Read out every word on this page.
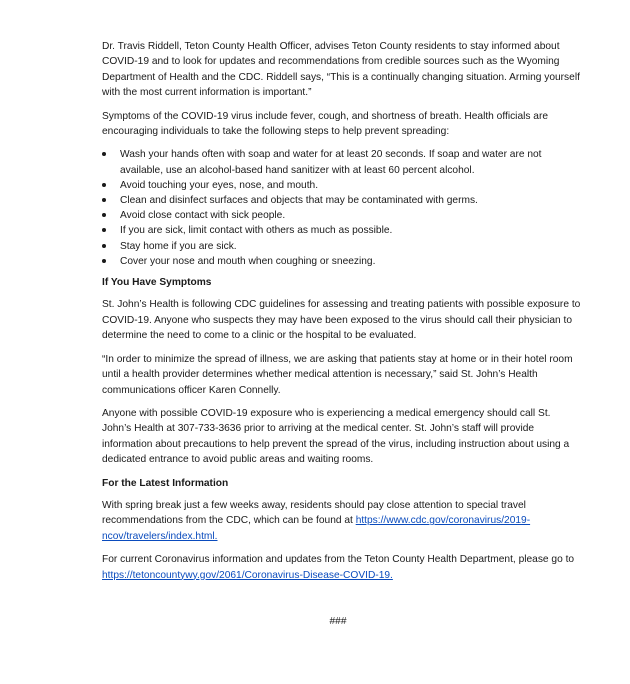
Dr. Travis Riddell, Teton County Health Officer, advises Teton County residents to stay informed about COVID-19 and to look for updates and recommendations from credible sources such as the Wyoming Department of Health and the CDC. Riddell says, “This is a continually changing situation. Arming yourself with the most current information is important.”

Symptoms of the COVID-19 virus include fever, cough, and shortness of breath. Health officials are encouraging individuals to take the following steps to help prevent spreading:

Wash your hands often with soap and water for at least 20 seconds. If soap and water are not available, use an alcohol-based hand sanitizer with at least 60 percent alcohol.
Avoid touching your eyes, nose, and mouth.
Clean and disinfect surfaces and objects that may be contaminated with germs.
Avoid close contact with sick people.
If you are sick, limit contact with others as much as possible.
Stay home if you are sick.
Cover your nose and mouth when coughing or sneezing.

If You Have Symptoms

St. John’s Health is following CDC guidelines for assessing and treating patients with possible exposure to COVID-19. Anyone who suspects they may have been exposed to the virus should call their physician to determine the need to come to a clinic or the hospital to be evaluated.

“In order to minimize the spread of illness, we are asking that patients stay at home or in their hotel room until a health provider determines whether medical attention is necessary,” said St. John’s Health communications officer Karen Connelly.

Anyone with possible COVID-19 exposure who is experiencing a medical emergency should call St. John’s Health at 307-733-3636 prior to arriving at the medical center. St. John’s staff will provide information about precautions to help prevent the spread of the virus, including instruction about using a dedicated entrance to avoid public areas and waiting rooms.

For the Latest Information

With spring break just a few weeks away, residents should pay close attention to special travel recommendations from the CDC, which can be found at https://www.cdc.gov/coronavirus/2019-ncov/travelers/index.html.

For current Coronavirus information and updates from the Teton County Health Department, please go to https://tetoncountywy.gov/2061/Coronavirus-Disease-COVID-19.

###
